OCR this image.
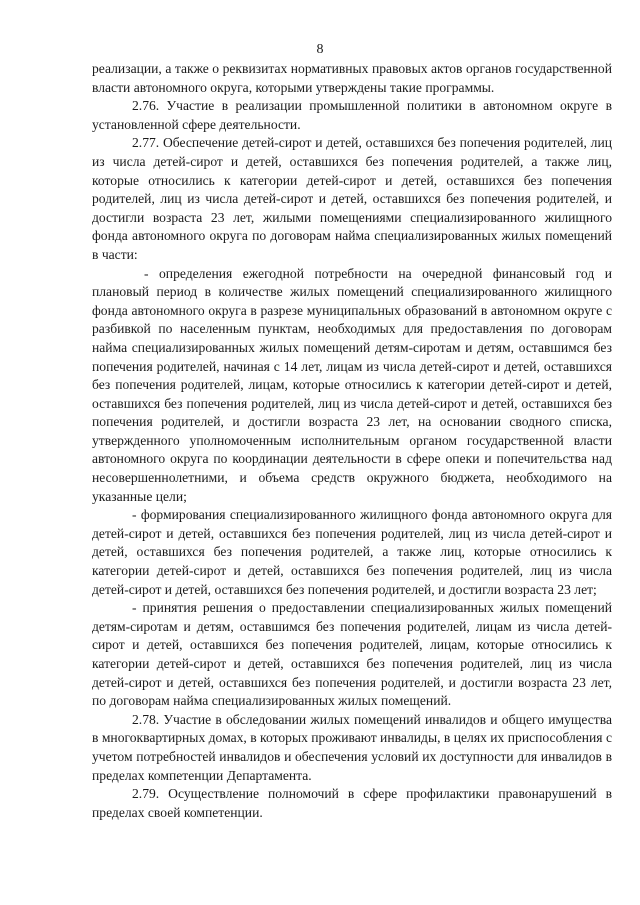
8

реализации, а также о реквизитах нормативных правовых актов органов государственной власти автономного округа, которыми утверждены такие программы.

2.76. Участие в реализации промышленной политики в автономном округе в установленной сфере деятельности.

2.77. Обеспечение детей-сирот и детей, оставшихся без попечения родителей, лиц из числа детей-сирот и детей, оставшихся без попечения родителей, а также лиц, которые относились к категории детей-сирот и детей, оставшихся без попечения родителей, лиц из числа детей-сирот и детей, оставшихся без попечения родителей, и достигли возраста 23 лет, жилыми помещениями специализированного жилищного фонда автономного округа по договорам найма специализированных жилых помещений в части:

- определения ежегодной потребности на очередной финансовый год и плановый период в количестве жилых помещений специализированного жилищного фонда автономного округа в разрезе муниципальных образований в автономном округе с разбивкой по населенным пунктам, необходимых для предоставления по договорам найма специализированных жилых помещений детям-сиротам и детям, оставшимся без попечения родителей, начиная с 14 лет, лицам из числа детей-сирот и детей, оставшихся без попечения родителей, лицам, которые относились к категории детей-сирот и детей, оставшихся без попечения родителей, лиц из числа детей-сирот и детей, оставшихся без попечения родителей, и достигли возраста 23 лет, на основании сводного списка, утвержденного уполномоченным исполнительным органом государственной власти автономного округа по координации деятельности в сфере опеки и попечительства над несовершеннолетними, и объема средств окружного бюджета, необходимого на указанные цели;

- формирования специализированного жилищного фонда автономного округа для детей-сирот и детей, оставшихся без попечения родителей, лиц из числа детей-сирот и детей, оставшихся без попечения родителей, а также лиц, которые относились к категории детей-сирот и детей, оставшихся без попечения родителей, лиц из числа детей-сирот и детей, оставшихся без попечения родителей, и достигли возраста 23 лет;

- принятия решения о предоставлении специализированных жилых помещений детям-сиротам и детям, оставшимся без попечения родителей, лицам из числа детей-сирот и детей, оставшихся без попечения родителей, лицам, которые относились к категории детей-сирот и детей, оставшихся без попечения родителей, лиц из числа детей-сирот и детей, оставшихся без попечения родителей, и достигли возраста 23 лет, по договорам найма специализированных жилых помещений.

2.78. Участие в обследовании жилых помещений инвалидов и общего имущества в многоквартирных домах, в которых проживают инвалиды, в целях их приспособления с учетом потребностей инвалидов и обеспечения условий их доступности для инвалидов в пределах компетенции Департамента.

2.79. Осуществление полномочий в сфере профилактики правонарушений в пределах своей компетенции.
